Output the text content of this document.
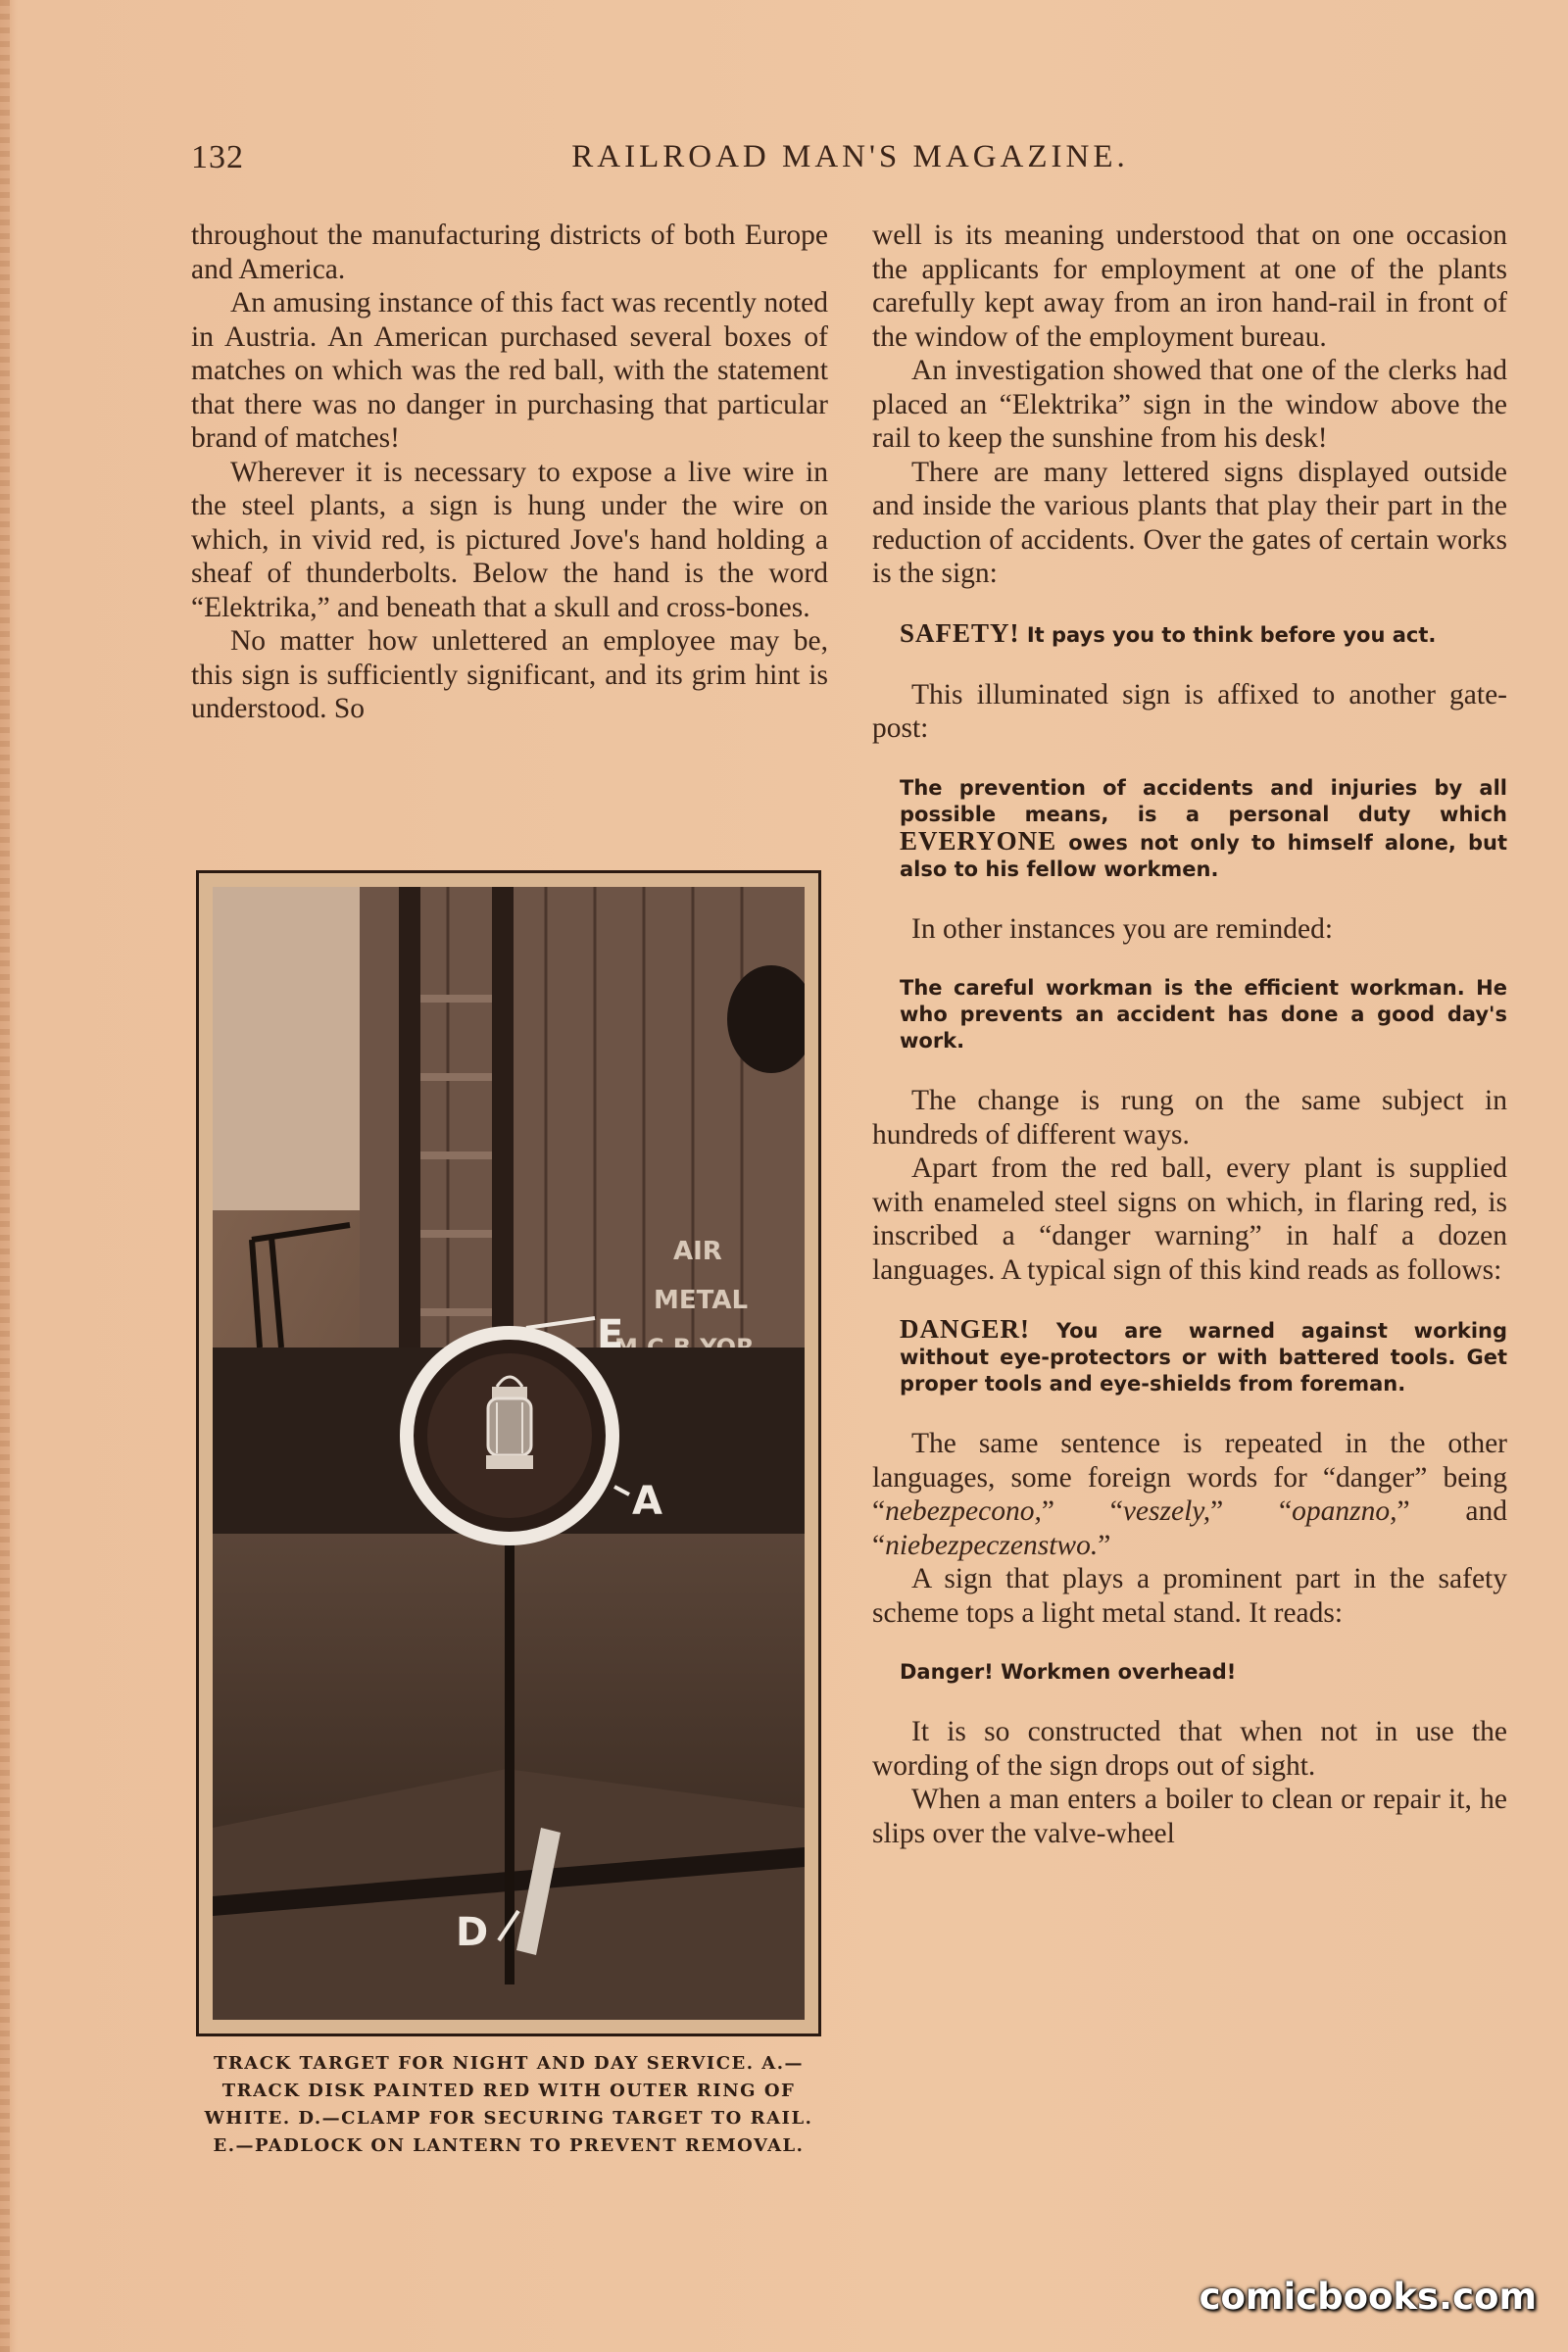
132	RAILROAD MAN'S MAGAZINE.

throughout the manufacturing districts of both Europe and America.

An amusing instance of this fact was recently noted in Austria. An American purchased several boxes of matches on which was the red ball, with the statement that there was no danger in purchasing that particular brand of matches!

Wherever it is necessary to expose a live wire in the steel plants, a sign is hung under the wire on which, in vivid red, is pictured Jove's hand holding a sheaf of thunderbolts. Below the hand is the word “Elektrika,” and beneath that a skull and cross-bones.

No matter how unlettered an employee may be, this sign is sufficiently significant, and its grim hint is understood. So

AIR
METAL
A
E
D
TRACK TARGET FOR NIGHT AND DAY SERVICE. A.—TRACK DISK PAINTED RED WITH OUTER RING OF WHITE. D.—CLAMP FOR SECURING TARGET TO RAIL. E.—PADLOCK ON LANTERN TO PREVENT REMOVAL.

well is its meaning understood that on one occasion the applicants for employment at one of the plants carefully kept away from an iron hand-rail in front of the window of the employment bureau.

An investigation showed that one of the clerks had placed an “Elektrika” sign in the window above the rail to keep the sunshine from his desk!

There are many lettered signs displayed outside and inside the various plants that play their part in the reduction of accidents. Over the gates of certain works is the sign:

SAFETY! It pays you to think before you act.

This illuminated sign is affixed to another gate-post:

The prevention of accidents and injuries by all possible means, is a personal duty which EVERYONE owes not only to himself alone, but also to his fellow workmen.

In other instances you are reminded:

The careful workman is the efficient workman. He who prevents an accident has done a good day's work.

The change is rung on the same subject in hundreds of different ways.

Apart from the red ball, every plant is supplied with enameled steel signs on which, in flaring red, is inscribed a “danger warning” in half a dozen languages. A typical sign of this kind reads as follows:

DANGER! You are warned against working without eye-protectors or with battered tools. Get proper tools and eye-shields from foreman.

The same sentence is repeated in the other languages, some foreign words for “danger” being “nebezpecono,” “veszely,” “opanzno,” and “niebezpeczenstwo.”

A sign that plays a prominent part in the safety scheme tops a light metal stand. It reads:

Danger! Workmen overhead!

It is so constructed that when not in use the wording of the sign drops out of sight.

When a man enters a boiler to clean or repair it, he slips over the valve-wheel

comicbooks.com
